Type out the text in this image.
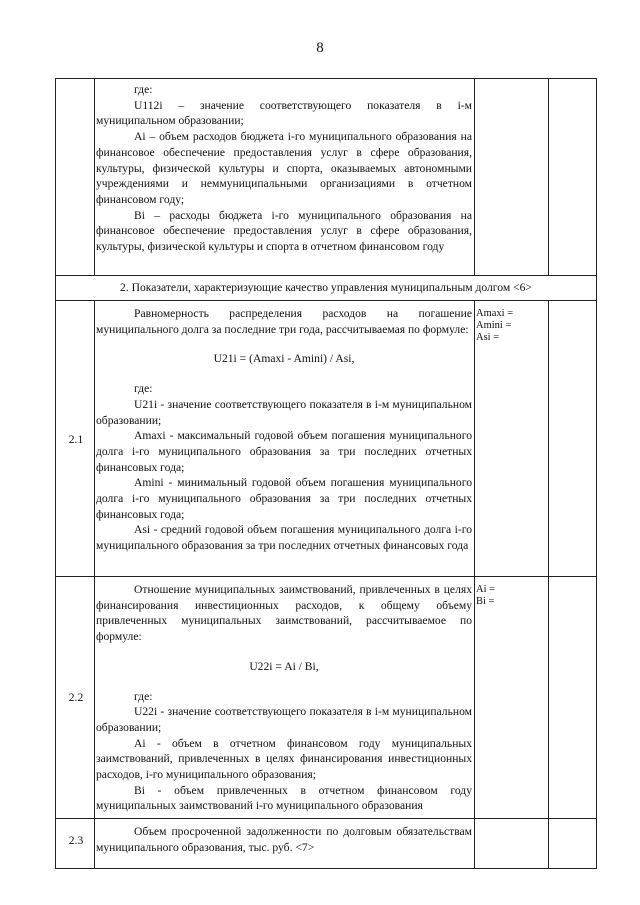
8

где:

U112i – значение соответствующего показателя в i-м муниципальном образовании;

Ai – объем расходов бюджета i-го муниципального образования на финансовое обеспечение предоставления услуг в сфере образования, культуры, физической культуры и спорта, оказываемых автономными учреждениями и неммуниципальными организациями в отчетном финансовом году;

Bi – расходы бюджета i-го муниципального образования на финансовое обеспечение предоставления услуг в сфере образования, культуры, физической культуры и спорта в отчетном финансовом году

2. Показатели, характеризующие качество управления муниципальным долгом <6>
2.1

Равномерность распределения расходов на погашение муниципального долга за последние три года, рассчитываемая по формуле:

U21i = (Amaxi - Amini) / Asi,

где:

U21i - значение соответствующего показателя в i-м муниципальном образовании;

Amaxi - максимальный годовой объем погашения муниципального долга i-го муниципального образования за три последних отчетных финансовых года;

Amini - минимальный годовой объем погашения муниципального долга i-го муниципального образования за три последних отчетных финансовых года;

Asi - средний годовой объем погашения муниципального долга i-го муниципального образования за три последних отчетных финансовых года

Amaxi =
Amini =
Asi =
2.2

Отношение муниципальных заимствований, привлеченных в целях финансирования инвестиционных расходов, к общему объему привлеченных муниципальных заимствований, рассчитываемое по формуле:

U22i = Ai / Bi,

где:

U22i - значение соответствующего показателя в i-м муниципальном образовании;

Ai - объем в отчетном финансовом году муниципальных заимствований, привлеченных в целях финансирования инвестиционных расходов, i-го муниципального образования;

Bi - объем привлеченных в отчетном финансовом году муниципальных заимствований i-го муниципального образования

Ai =
Bi =
2.3

Объем просроченной задолженности по долговым обязательствам муниципального образования, тыс. руб. <7>
